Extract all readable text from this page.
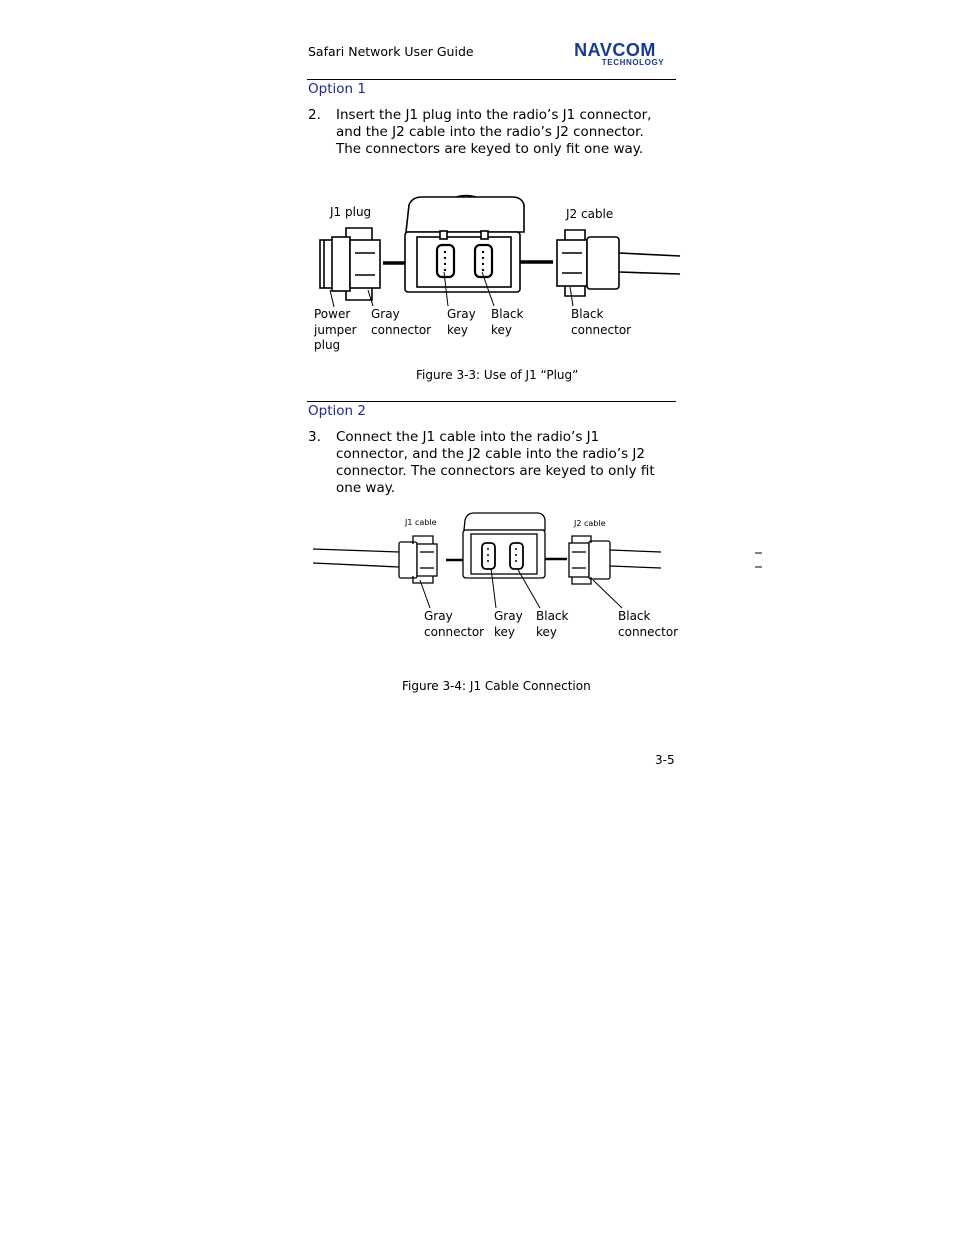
Safari Network User Guide	NAVCOM
TECHNOLOGY
Option 1
2. Insert the J1 plug into the radio’s J1 connector, and the J2 cable into the radio’s J2 connector. The connectors are keyed to only fit one way.
J1 plug	J2 cable
Power jumper plug
Gray connector
Gray key
Black key
Black connector
Figure 3-3: Use of J1 “Plug”
Option 2
3. Connect the J1 cable into the radio’s J1 connector, and the J2 cable into the radio’s J2 connector. The connectors are keyed to only fit one way.
J1 cable	J2 cable
Gray connector
Gray key
Black key
Black connector
Figure 3-4: J1 Cable Connection
3-5
